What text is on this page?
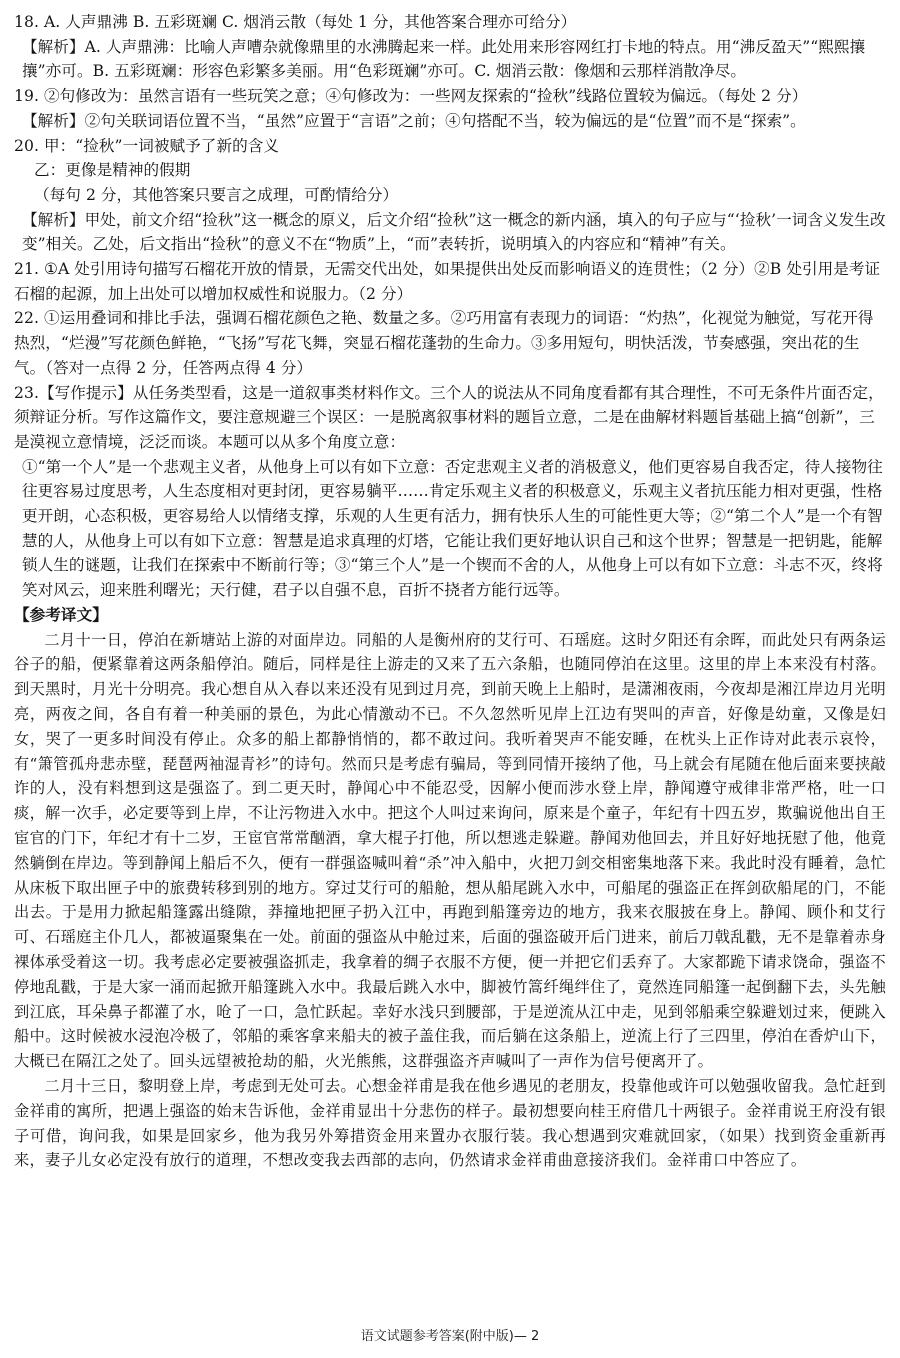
18. A. 人声鼎沸 B. 五彩斑斓 C. 烟消云散（每处 1 分，其他答案合理亦可给分）

【解析】A. 人声鼎沸：比喻人声嘈杂就像鼎里的水沸腾起来一样。此处用来形容网红打卡地的特点。用“沸反盈天”“熙熙攘攘”亦可。B. 五彩斑斓：形容色彩繁多美丽。用“色彩斑斓”亦可。C. 烟消云散：像烟和云那样消散净尽。

19. ②句修改为：虽然言语有一些玩笑之意；④句修改为：一些网友探索的“捡秋”线路位置较为偏远。（每处 2 分）

【解析】②句关联词语位置不当，“虽然”应置于“言语”之前；④句搭配不当，较为偏远的是“位置”而不是“探索”。

20. 甲：“捡秋”一词被赋予了新的含义

乙：更像是精神的假期

（每句 2 分，其他答案只要言之成理，可酌情给分）

【解析】甲处，前文介绍“捡秋”这一概念的原义，后文介绍“捡秋”这一概念的新内涵，填入的句子应与“‘捡秋’一词含义发生改变”相关。乙处，后文指出“捡秋”的意义不在“物质”上，“而”表转折，说明填入的内容应和“精神”有关。

21. ①A 处引用诗句描写石榴花开放的情景，无需交代出处，如果提供出处反而影响语义的连贯性；（2 分）②B 处引用是考证石榴的起源，加上出处可以增加权威性和说服力。（2 分）

22. ①运用叠词和排比手法，强调石榴花颜色之艳、数量之多。②巧用富有表现力的词语：“灼热”，化视觉为触觉，写花开得热烈，“烂漫”写花颜色鲜艳，“飞扬”写花飞舞，突显石榴花蓬勃的生命力。③多用短句，明快活泼，节奏感强，突出花的生气。（答对一点得 2 分，任答两点得 4 分）

23.【写作提示】从任务类型看，这是一道叙事类材料作文。三个人的说法从不同角度看都有其合理性，不可无条件片面否定，须辩证分析。写作这篇作文，要注意规避三个误区：一是脱离叙事材料的题旨立意，二是在曲解材料题旨基础上搞“创新”，三是漠视立意情境，泛泛而谈。本题可以从多个角度立意：

①“第一个人”是一个悲观主义者，从他身上可以有如下立意：否定悲观主义者的消极意义，他们更容易自我否定，待人接物往往更容易过度思考，人生态度相对更封闭，更容易躺平……肯定乐观主义者的积极意义，乐观主义者抗压能力相对更强，性格更开朗，心态积极，更容易给人以情绪支撑，乐观的人生更有活力，拥有快乐人生的可能性更大等；②“第二个人”是一个有智慧的人，从他身上可以有如下立意：智慧是追求真理的灯塔，它能让我们更好地认识自己和这个世界；智慧是一把钥匙，能解锁人生的谜题，让我们在探索中不断前行等；③“第三个人”是一个锲而不舍的人，从他身上可以有如下立意：斗志不灭，终将笑对风云，迎来胜利曙光；天行健，君子以自强不息，百折不挠者方能行远等。

【参考译文】

二月十一日，停泊在新塘站上游的对面岸边。同船的人是衡州府的艾行可、石瑶庭。这时夕阳还有余晖，而此处只有两条运谷子的船，便紧靠着这两条船停泊。随后，同样是往上游走的又来了五六条船，也随同停泊在这里。这里的岸上本来没有村落。到天黑时，月光十分明亮。我心想自从入春以来还没有见到过月亮，到前天晚上上船时，是潇湘夜雨，今夜却是湘江岸边月光明亮，两夜之间，各自有着一种美丽的景色，为此心情激动不已。不久忽然听见岸上江边有哭叫的声音，好像是幼童，又像是妇女，哭了一更多时间没有停止。众多的船上都静悄悄的，都不敢过问。我听着哭声不能安睡，在枕头上正作诗对此表示哀怜，有“箫管孤舟悲赤壁，琵琶两袖湿青衫”的诗句。然而只是考虑有骗局，等到同情开接纳了他，马上就会有尾随在他后面来要挟敲诈的人，没有料想到这是强盗了。到二更天时，静闻心中不能忍受，因解小便而涉水登上岸，静闻遵守戒律非常严格，吐一口痰，解一次手，必定要等到上岸，不让污物进入水中。把这个人叫过来询问，原来是个童子，年纪有十四五岁，欺骗说他出自王宦官的门下，年纪才有十二岁，王宦官常常酗酒，拿大棍子打他，所以想逃走躲避。静闻劝他回去，并且好好地抚慰了他，他竟然躺倒在岸边。等到静闻上船后不久，便有一群强盗喊叫着“杀”冲入船中，火把刀剑交相密集地落下来。我此时没有睡着，急忙从床板下取出匣子中的旅费转移到别的地方。穿过艾行可的船舱，想从船尾跳入水中，可船尾的强盗正在挥剑砍船尾的门，不能出去。于是用力掀起船篷露出缝隙，莽撞地把匣子扔入江中，再跑到船篷旁边的地方，我来衣服披在身上。静闻、顾仆和艾行可、石瑶庭主仆几人，都被逼聚集在一处。前面的强盗从中舱过来，后面的强盗破开后门进来，前后刀戟乱戳，无不是靠着赤身裸体承受着这一切。我考虑必定要被强盗抓走，我拿着的绸子衣服不方便，便一并把它们丢弃了。大家都跪下请求饶命，强盗不停地乱戳，于是大家一涌而起掀开船篷跳入水中。我最后跳入水中，脚被竹篙纤绳绊住了，竟然连同船篷一起倒翻下去，头先触到江底，耳朵鼻子都灌了水，呛了一口，急忙跃起。幸好水浅只到腰部，于是逆流从江中走，见到邻船乘空躲避划过来，便跳入船中。这时候被水浸泡冷极了，邻船的乘客拿来船夫的被子盖住我，而后躺在这条船上，逆流上行了三四里，停泊在香炉山下，大概已在隔江之处了。回头远望被抢劫的船，火光熊熊，这群强盗齐声喊叫了一声作为信号便离开了。

二月十三日，黎明登上岸，考虑到无处可去。心想金祥甫是我在他乡遇见的老朋友，投靠他或许可以勉强收留我。急忙赶到金祥甫的寓所，把遇上强盗的始末告诉他，金祥甫显出十分悲伤的样子。最初想要向桂王府借几十两银子。金祥甫说王府没有银子可借，询问我，如果是回家乡，他为我另外筹措资金用来置办衣服行装。我心想遇到灾难就回家，（如果）找到资金重新再来，妻子儿女必定没有放行的道理，不想改变我去西部的志向，仍然请求金祥甫曲意接济我们。金祥甫口中答应了。

语文试题参考答案(附中版)— 2
